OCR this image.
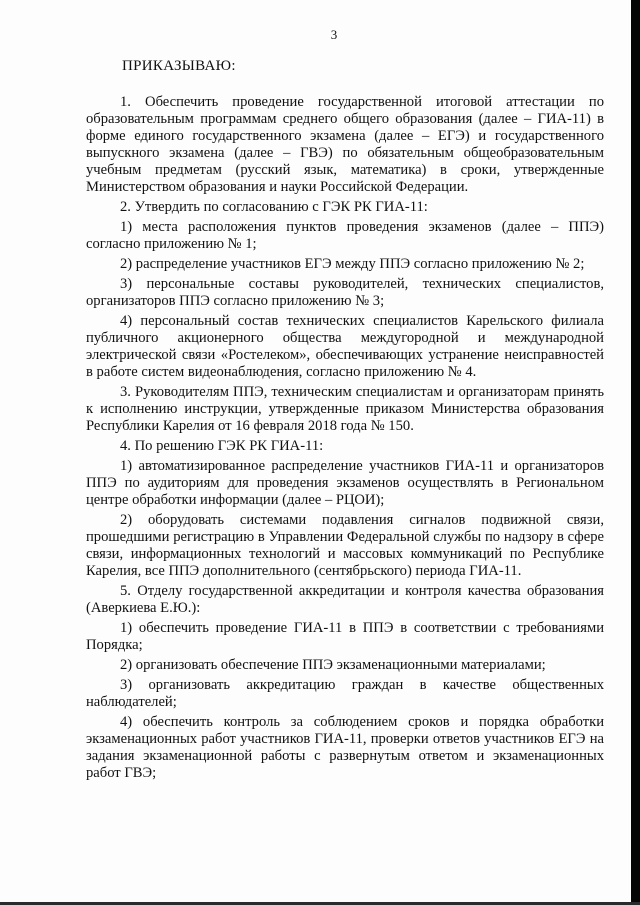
3

ПРИКАЗЫВАЮ:

1. Обеспечить проведение государственной итоговой аттестации по образовательным программам среднего общего образования (далее – ГИА-11) в форме единого государственного экзамена (далее – ЕГЭ) и государственного выпускного экзамена (далее – ГВЭ) по обязательным общеобразовательным учебным предметам (русский язык, математика) в сроки, утвержденные Министерством образования и науки Российской Федерации.

2. Утвердить по согласованию с ГЭК РК ГИА-11:

1) места расположения пунктов проведения экзаменов (далее – ППЭ) согласно приложению № 1;

2) распределение участников ЕГЭ между ППЭ согласно приложению № 2;

3) персональные составы руководителей, технических специалистов, организаторов ППЭ согласно приложению № 3;

4) персональный состав технических специалистов Карельского филиала публичного акционерного общества междугородной и международной электрической связи «Ростелеком», обеспечивающих устранение неисправностей в работе систем видеонаблюдения, согласно приложению № 4.

3. Руководителям ППЭ, техническим специалистам и организаторам принять к исполнению инструкции, утвержденные приказом Министерства образования Республики Карелия от 16 февраля 2018 года № 150.

4. По решению ГЭК РК ГИА-11:

1) автоматизированное распределение участников ГИА-11 и организаторов ППЭ по аудиториям для проведения экзаменов осуществлять в Региональном центре обработки информации (далее – РЦОИ);

2) оборудовать системами подавления сигналов подвижной связи, прошедшими регистрацию в Управлении Федеральной службы по надзору в сфере связи, информационных технологий и массовых коммуникаций по Республике Карелия, все ППЭ дополнительного (сентябрьского) периода ГИА-11.

5. Отделу государственной аккредитации и контроля качества образования (Аверкиева Е.Ю.):

1) обеспечить проведение ГИА-11 в ППЭ в соответствии с требованиями Порядка;

2) организовать обеспечение ППЭ экзаменационными материалами;

3) организовать аккредитацию граждан в качестве общественных наблюдателей;

4) обеспечить контроль за соблюдением сроков и порядка обработки экзаменационных работ участников ГИА-11, проверки ответов участников ЕГЭ на задания экзаменационной работы с развернутым ответом и экзаменационных работ ГВЭ;
